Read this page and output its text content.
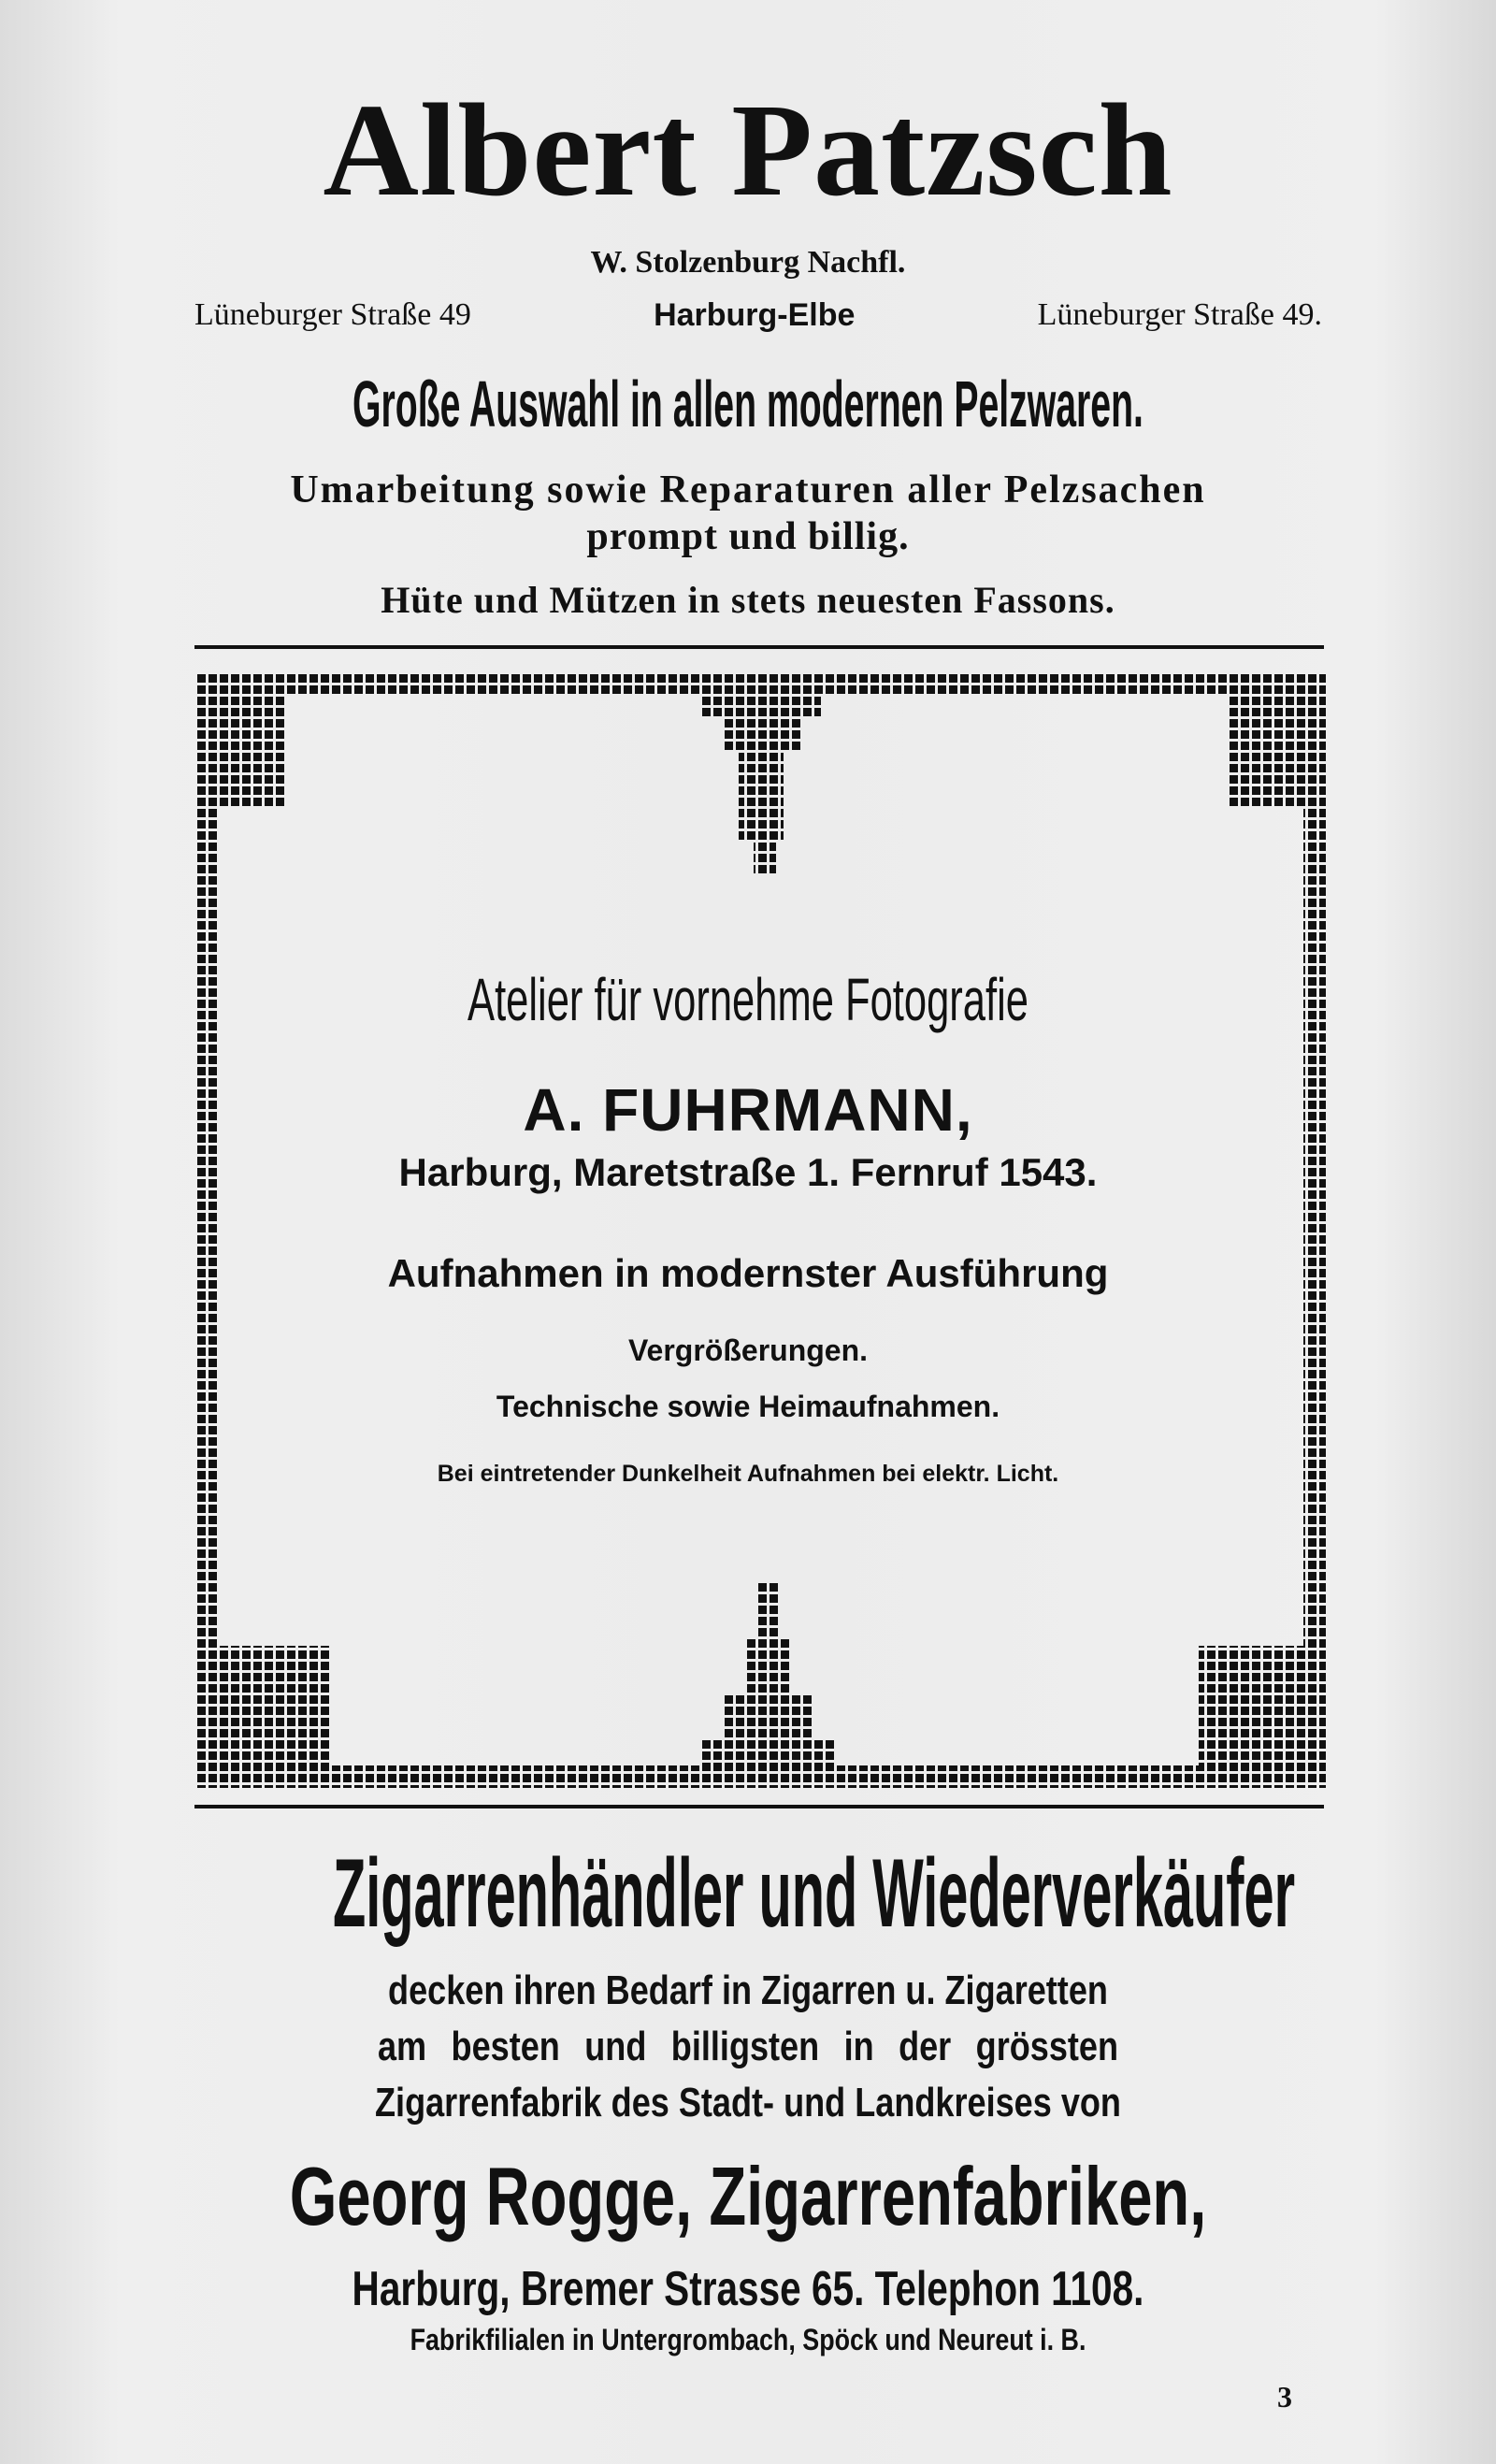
Albert Patzsch
W. Stolzenburg Nachfl.
Lüneburger Straße 49	Harburg-Elbe	Lüneburger Straße 49.
Große Auswahl in allen modernen Pelzwaren.
Umarbeitung sowie Reparaturen aller Pelzsachen
prompt und billig.
Hüte und Mützen in stets neuesten Fassons.
Atelier für vornehme Fotografie
A. FUHRMANN,
Harburg, Maretstraße 1. Fernruf 1543.
Aufnahmen in modernster Ausführung
Vergrößerungen.
Technische sowie Heimaufnahmen.
Bei eintretender Dunkelheit Aufnahmen bei elektr. Licht.
Zigarrenhändler und Wiederverkäufer
decken ihren Bedarf in Zigarren u. Zigaretten
am besten und billigsten in der grössten
Zigarrenfabrik des Stadt- und Landkreises von
Georg Rogge, Zigarrenfabriken,
Harburg, Bremer Strasse 65. Telephon 1108.
Fabrikfilialen in Untergrombach, Spöck und Neureut i. B.
3
